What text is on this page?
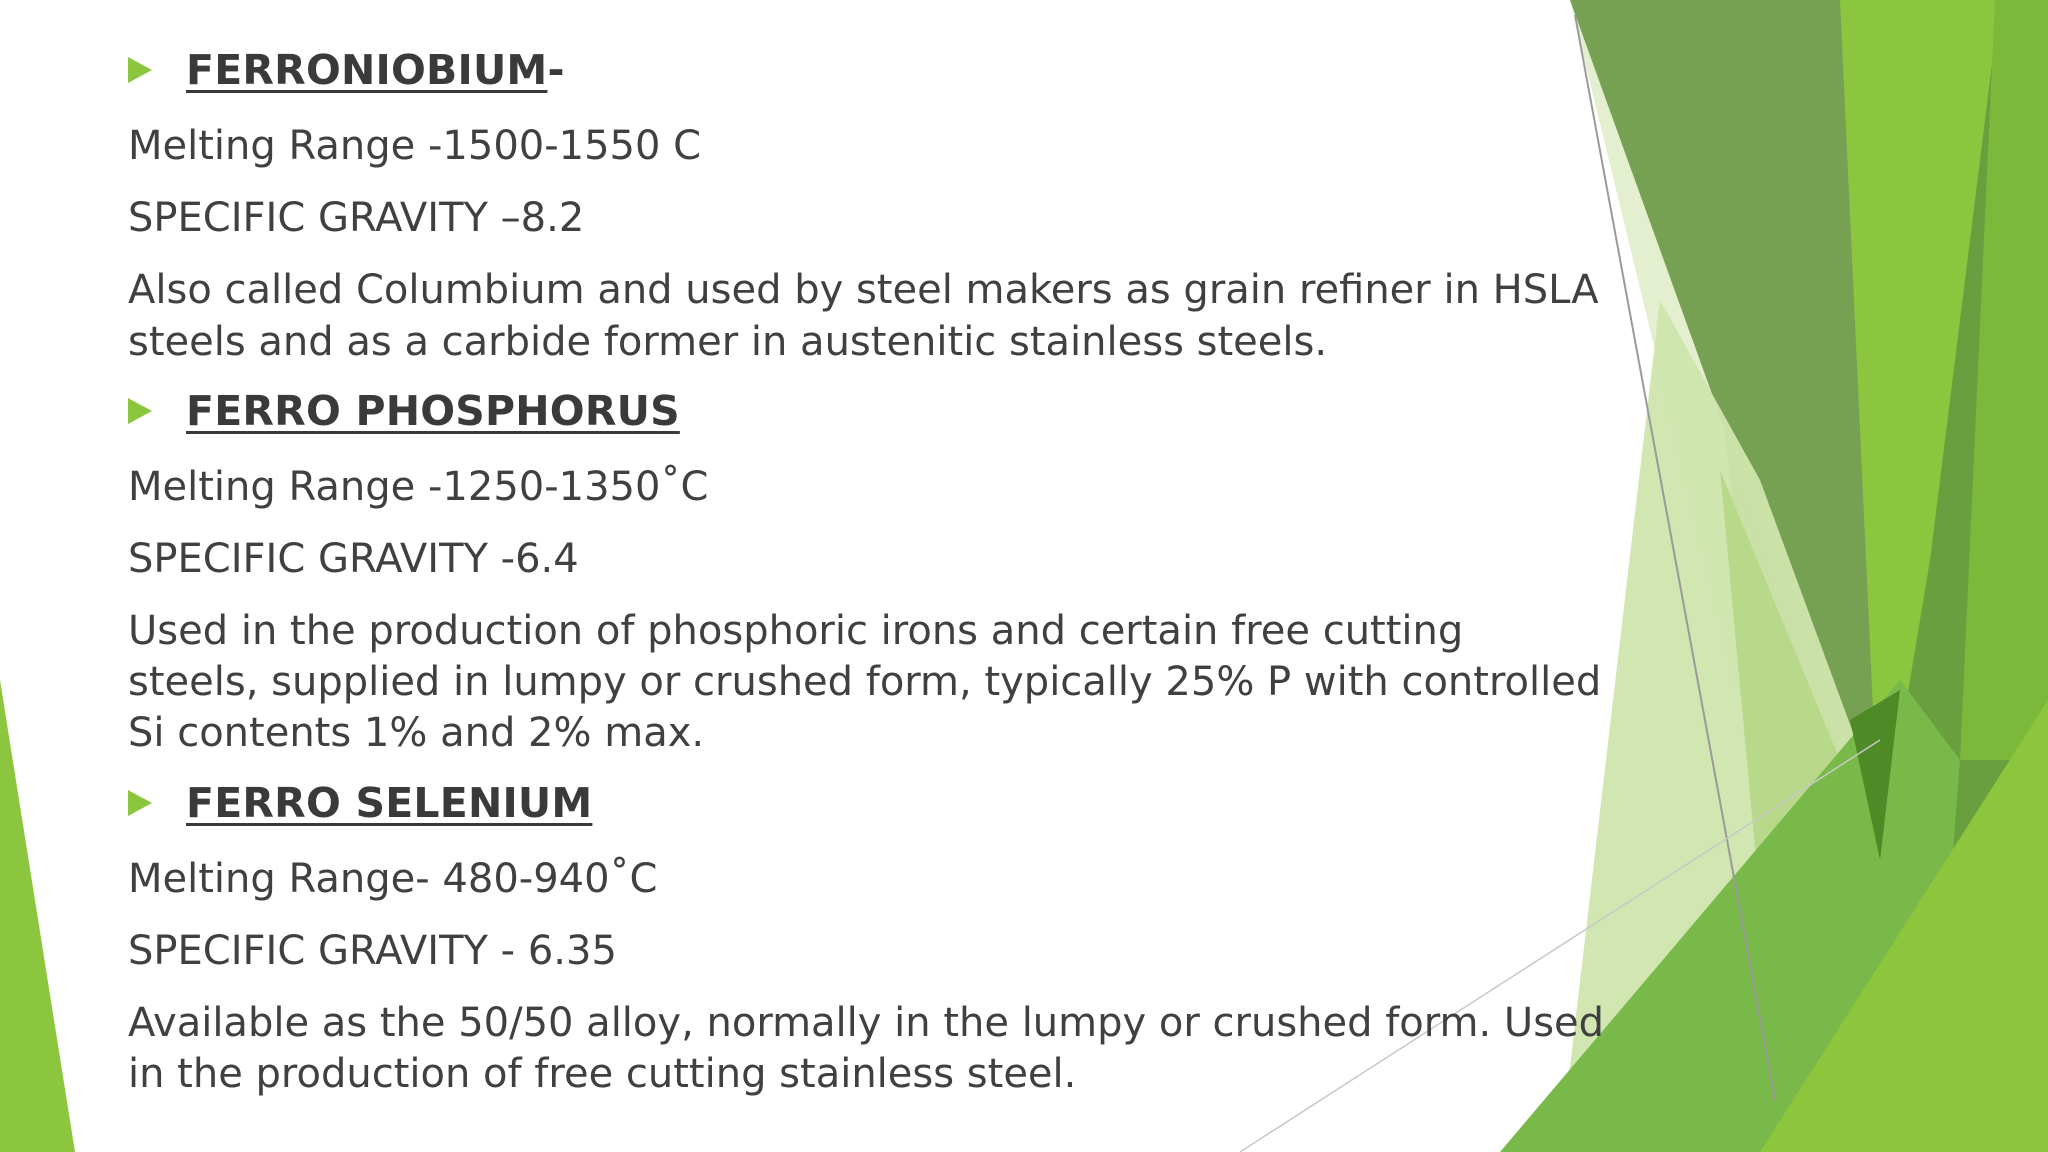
FERRONIOBIUM -
Melting Range -1500-1550 C
SPECIFIC GRAVITY –8.2
Also called Columbium and used by steel makers as grain refiner in HSLA
steels and as a carbide former in austenitic stainless steels.
FERRO PHOSPHORUS
Melting Range -1250-1350˚C
SPECIFIC GRAVITY -6.4
Used in the production of phosphoric irons and certain free cutting
steels, supplied in lumpy or crushed form, typically 25% P with controlled
Si contents 1% and 2% max.
FERRO SELENIUM
Melting Range- 480-940˚C
SPECIFIC GRAVITY - 6.35
Available as the 50/50 alloy, normally in the lumpy or crushed form. Used
in the production of free cutting stainless steel.
